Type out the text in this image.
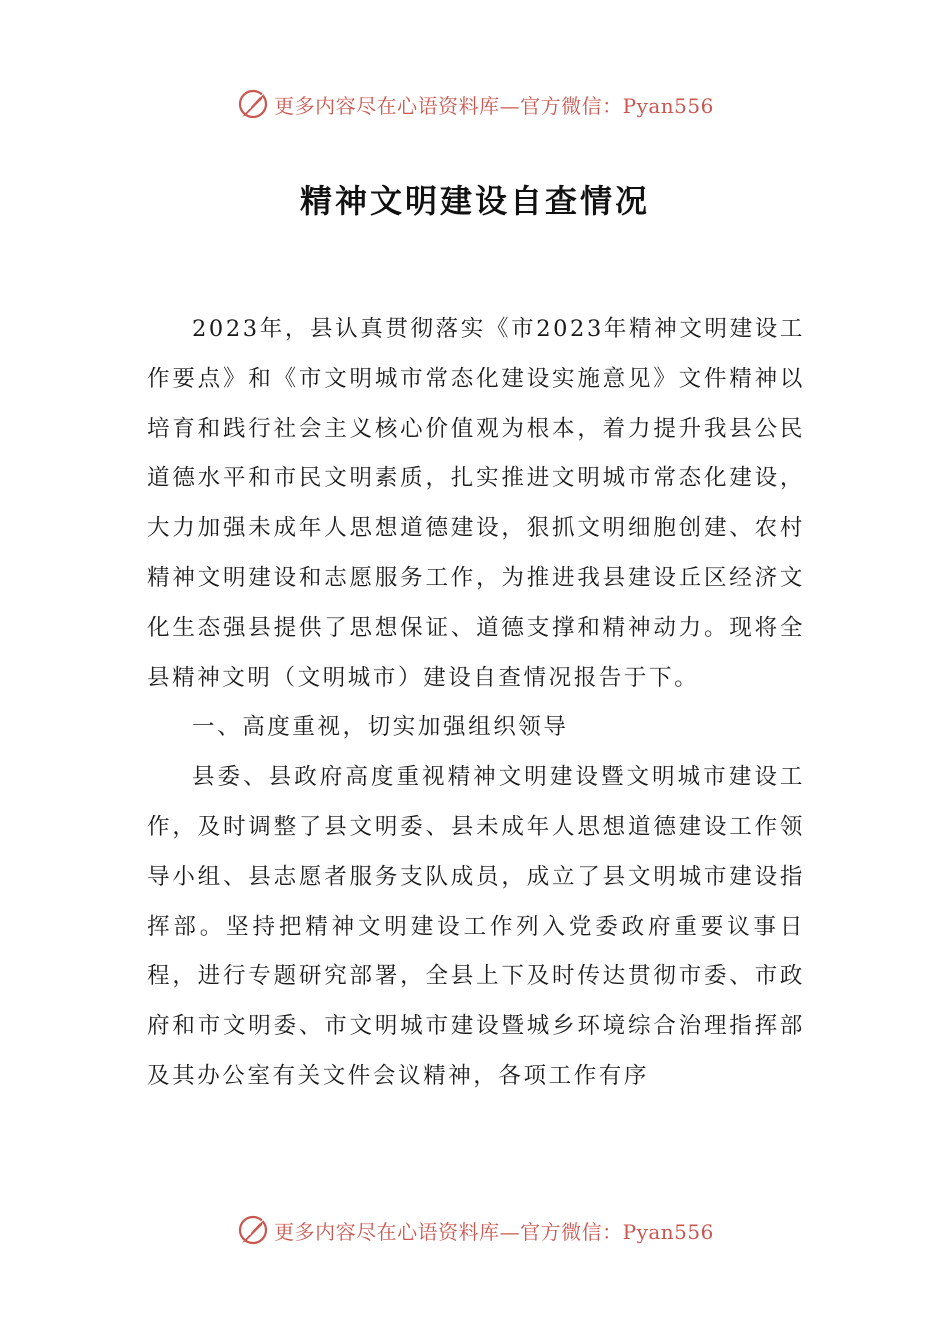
更多内容尽在心语资料库—官方微信：Pyan556
精神文明建设自查情况

2023年，县认真贯彻落实《市2023年精神文明建设工作要点》和《市文明城市常态化建设实施意见》文件精神以培育和践行社会主义核心价值观为根本，着力提升我县公民道德水平和市民文明素质，扎实推进文明城市常态化建设，大力加强未成年人思想道德建设，狠抓文明细胞创建、农村精神文明建设和志愿服务工作，为推进我县建设丘区经济文化生态强县提供了思想保证、道德支撑和精神动力。现将全县精神文明（文明城市）建设自查情况报告于下。

一、高度重视，切实加强组织领导

县委、县政府高度重视精神文明建设暨文明城市建设工作，及时调整了县文明委、县未成年人思想道德建设工作领导小组、县志愿者服务支队成员，成立了县文明城市建设指挥部。坚持把精神文明建设工作列入党委政府重要议事日程，进行专题研究部署，全县上下及时传达贯彻市委、市政府和市文明委、市文明城市建设暨城乡环境综合治理指挥部及其办公室有关文件会议精神，各项工作有序

更多内容尽在心语资料库—官方微信：Pyan556
